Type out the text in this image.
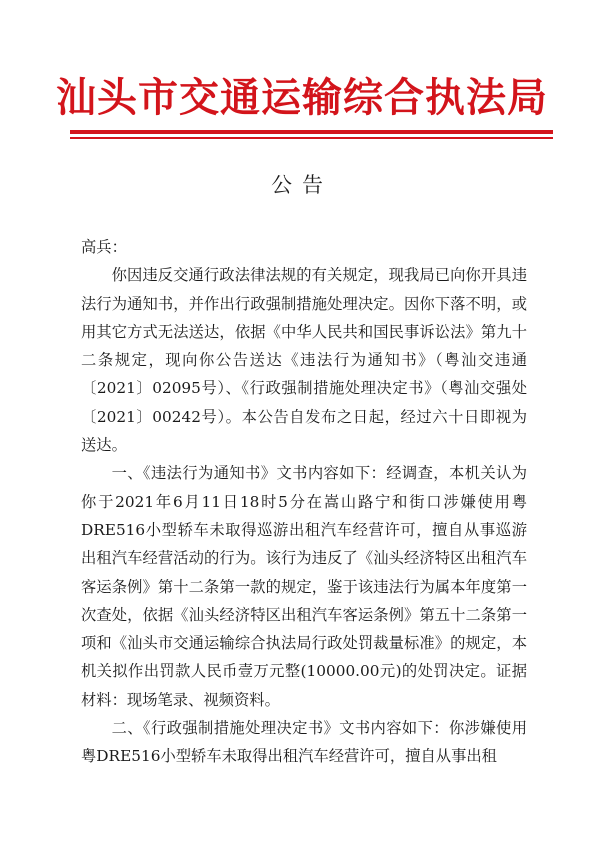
汕头市交通运输综合执法局
公告

高兵：

你因违反交通行政法律法规的有关规定，现我局已向你开具违法行为通知书，并作出行政强制措施处理决定。因你下落不明，或用其它方式无法送达，依据《中华人民共和国民事诉讼法》第九十二条规定，现向你公告送达《违法行为通知书》（粤汕交违通〔2021〕02095号）、《行政强制措施处理决定书》（粤汕交强处〔2021〕00242号）。本公告自发布之日起，经过六十日即视为送达。

一、《违法行为通知书》文书内容如下：经调查，本机关认为你于2021年6月11日18时5分在嵩山路宁和街口涉嫌使用粤DRE516小型轿车未取得巡游出租汽车经营许可，擅自从事巡游出租汽车经营活动的行为。该行为违反了《汕头经济特区出租汽车客运条例》第十二条第一款的规定，鉴于该违法行为属本年度第一次查处，依据《汕头经济特区出租汽车客运条例》第五十二条第一项和《汕头市交通运输综合执法局行政处罚裁量标准》的规定，本机关拟作出罚款人民币壹万元整(10000.00元)的处罚决定。证据材料：现场笔录、视频资料。

二、《行政强制措施处理决定书》文书内容如下：你涉嫌使用粤DRE516小型轿车未取得出租汽车经营许可，擅自从事出租
